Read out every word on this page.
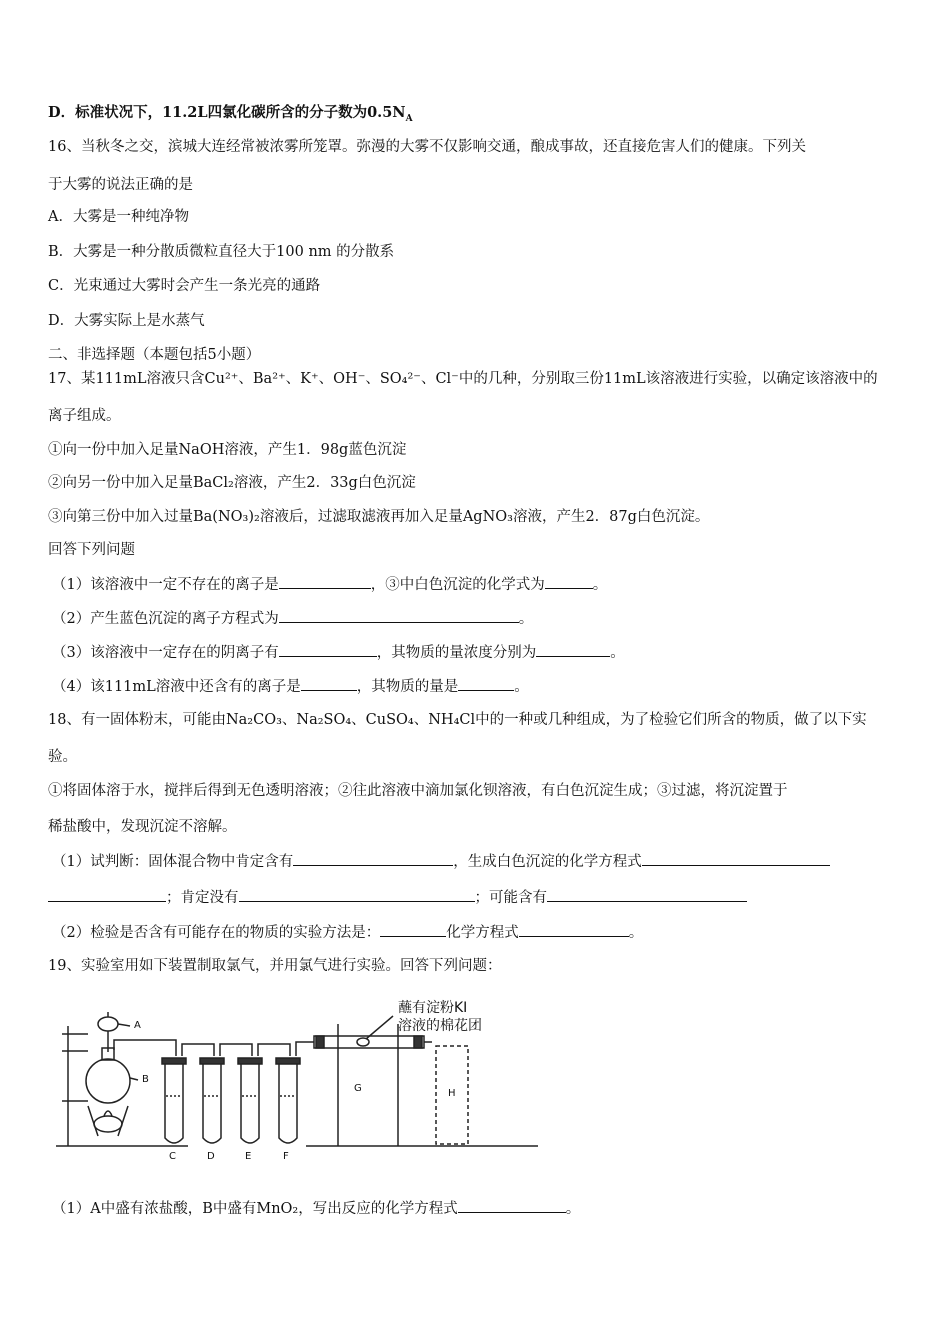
D．标准状况下，11.2L四氯化碳所含的分子数为$0.5N_A$
16、当秋冬之交，滨城大连经常被浓雾所笼罩。弥漫的大雾不仅影响交通，酿成事故，还直接危害人们的健康。下列关
于大雾的说法正确的是
A．大雾是一种纯净物
B．大雾是一种分散质微粒直径大于100 nm 的分散系
C．光束通过大雾时会产生一条光亮的通路
D．大雾实际上是水蒸气
二、非选择题（本题包括5小题）
17、某111mL溶液只含Cu²⁺、Ba²⁺、K⁺、OH⁻、SO₄²⁻、Cl⁻中的几种，分别取三份11mL该溶液进行实验，以确定该溶液中的
离子组成。
①向一份中加入足量NaOH溶液，产生1．98g蓝色沉淀
②向另一份中加入足量BaCl₂溶液，产生2．33g白色沉淀
③向第三份中加入过量Ba(NO₃)₂溶液后，过滤取滤液再加入足量AgNO₃溶液，产生2．87g白色沉淀。
回答下列问题
（1）该溶液中一定不存在的离子是	，③中白色沉淀的化学式为	。
（2）产生蓝色沉淀的离子方程式为	。
（3）该溶液中一定存在的阴离子有	，其物质的量浓度分别为	。
（4）该111mL溶液中还含有的离子是	，其物质的量是	。
18、有一固体粉末，可能由Na₂CO₃、Na₂SO₄、CuSO₄、NH₄Cl中的一种或几种组成，为了检验它们所含的物质，做了以下实
验。
①将固体溶于水，搅拌后得到无色透明溶液；②往此溶液中滴加氯化钡溶液，有白色沉淀生成；③过滤，将沉淀置于
稀盐酸中，发现沉淀不溶解。
（1）试判断：固体混合物中肯定含有	，生成白色沉淀的化学方程式
；肯定没有	；可能含有
（2）检验是否含有可能存在的物质的实验方法是：	化学方程式	。
19、实验室用如下装置制取氯气，并用氯气进行实验。回答下列问题：
A
B
C	D	E	F
G	H
蘸有淀粉KI
溶液的棉花团
（1）A中盛有浓盐酸，B中盛有MnO₂，写出反应的化学方程式	。
